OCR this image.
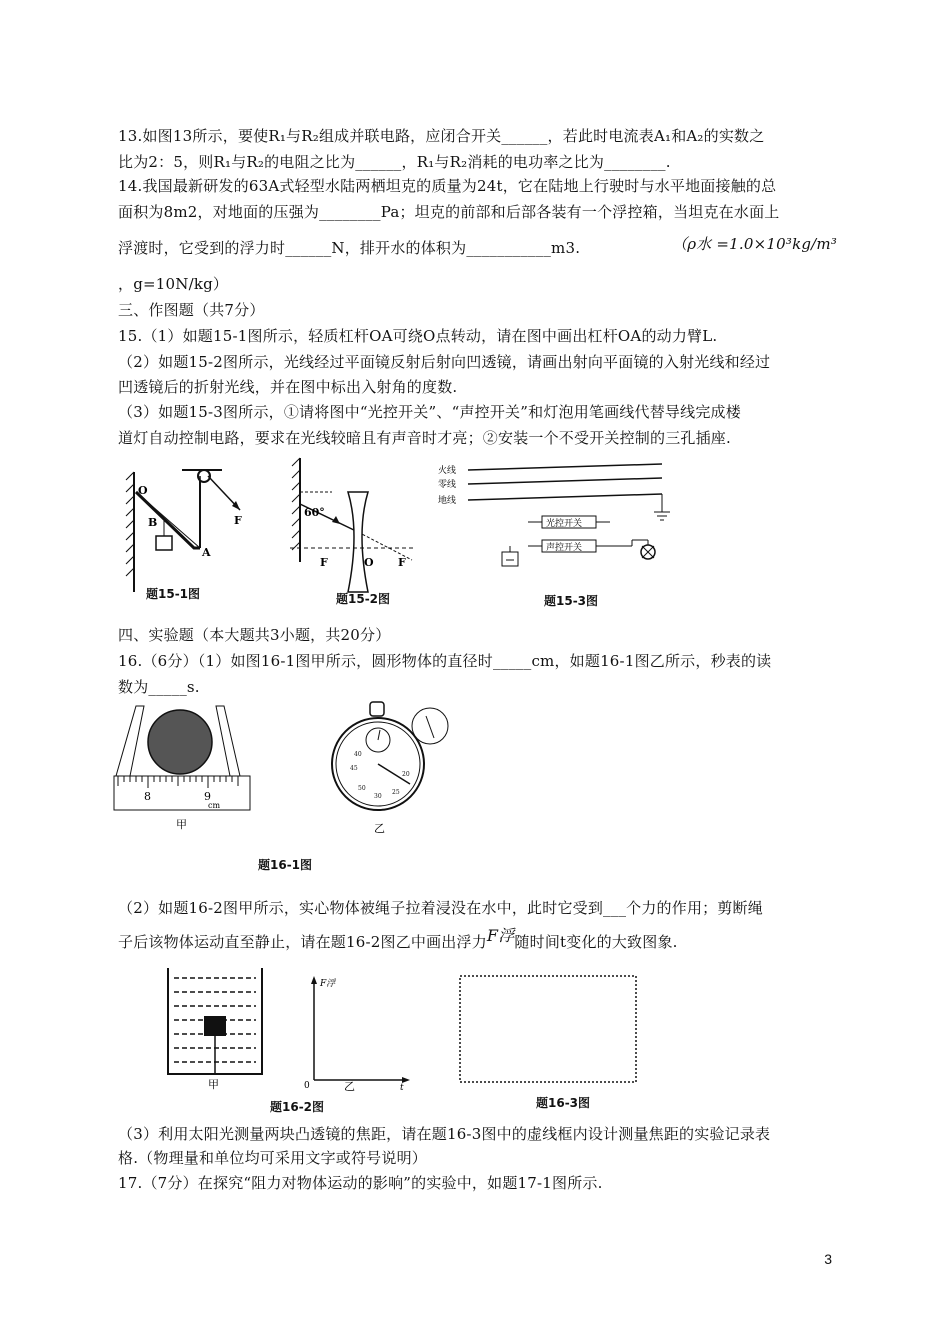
13.如图13所示，要使R₁与R₂组成并联电路，应闭合开关______，若此时电流表A₁和A₂的实数之
比为2：5，则R₁与R₂的电阻之比为______，R₁与R₂消耗的电功率之比为________.
14.我国最新研发的63A式轻型水陆两栖坦克的质量为24t，它在陆地上行驶时与水平地面接触的总
面积为8m2，对地面的压强为________Pa；坦克的前部和后部各装有一个浮控箱，当坦克在水面上
浮渡时，它受到的浮力时______N，排开水的体积为___________m3.	（ρ水 =1.0×10³kg/m³
，g=10N/kg）
三、作图题（共7分）
15.（1）如题15-1图所示，轻质杠杆OA可绕O点转动，请在图中画出杠杆OA的动力臂L.
（2）如题15-2图所示，光线经过平面镜反射后射向凹透镜，请画出射向平面镜的入射光线和经过
凹透镜后的折射光线，并在图中标出入射角的度数.
（3）如题15-3图所示，①请将图中“光控开关”、“声控开关”和灯泡用笔画线代替导线完成楼
道灯自动控制电路，要求在光线较暗且有声音时才亮；②安装一个不受开关控制的三孔插座.
O
B
A
F
题15-1图
60°
F	O F
题15-2图
火线
零线
地线
光控开关
声控开关
题15-3图
四、实验题（本大题共3小题，共20分）
16.（6分）（1）如图16-1图甲所示，圆形物体的直径时_____cm，如题16-1图乙所示，秒表的读
数为_____s.
8	9
cm
甲
40
45
50
30
25
20
乙
题16-1图
（2）如题16-2图甲所示，实心物体被绳子拉着浸没在水中，此时它受到___个力的作用；剪断绳
子后该物体运动直至静止，请在题16-2图乙中画出浮力F浮随时间t变化的大致图象.
甲
F浮
t
0	乙
题16-2图	题16-3图
（3）利用太阳光测量两块凸透镜的焦距，请在题16-3图中的虚线框内设计测量焦距的实验记录表
格.（物理量和单位均可采用文字或符号说明）
17.（7分）在探究“阻力对物体运动的影响”的实验中，如题17-1图所示.
3
